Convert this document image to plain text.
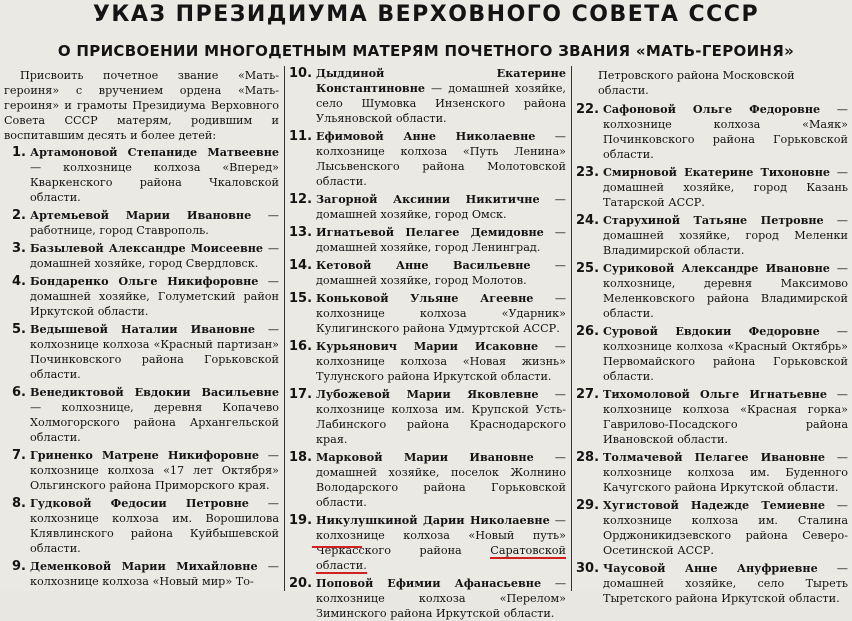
УКАЗ ПРЕЗИДИУМА ВЕРХОВНОГО СОВЕТА СССР
О ПРИСВОЕНИИ МНОГОДЕТНЫМ МАТЕРЯМ ПОЧЕТНОГО ЗВАНИЯ «МАТЬ-ГЕРОИНЯ»

Присвоить почетное звание «Мать-героиня» с вручением ордена «Мать-героиня» и грамоты Президиума Верховного Совета СССР матерям, родившим и воспитавшим десять и более детей:

1. Артамоновой Степаниде Матвеевне — колхознице колхоза «Вперед» Кваркенского района Чкаловской области.
2. Артемьевой Марии Ивановне — работнице, город Ставрополь.
3. Базылевой Александре Моисеевне — домашней хозяйке, город Свердловск.
4. Бондаренко Ольге Никифоровне — домашней хозяйке, Голуметский район Иркутской области.
5. Ведышевой Наталии Ивановне — колхознице колхоза «Красный партизан» Починковского района Горьковской области.
6. Венедиктовой Евдокии Васильевне — колхознице, деревня Копачево Холмогорского района Архангельской области.
7. Гриненко Матрене Никифоровне — колхознице колхоза «17 лет Октября» Ольгинского района Приморского края.
8. Гудковой Федосии Петровне — колхознице колхоза им. Ворошилова Клявлинского района Куйбышевской области.
9. Деменковой Марии Михайловне — колхознице колхоза «Новый мир» То-
10. Дыддиной Екатерине Константиновне — домашней хозяйке, село Шумовка Инзенского района Ульяновской области.
11. Ефимовой Анне Николаевне — колхознице колхоза «Путь Ленина» Лысьвенского района Молотовской области.
12. Загорной Аксинии Никитичне — домашней хозяйке, город Омск.
13. Игнатьевой Пелагее Демидовне — домашней хозяйке, город Ленинград.
14. Кетовой Анне Васильевне — домашней хозяйке, город Молотов.
15. Коньковой Ульяне Агеевне — колхознице колхоза «Ударник» Кулигинского района Удмуртской АССР.
16. Курьянович Марии Исаковне — колхознице колхоза «Новая жизнь» Тулунского района Иркутской области.
17. Лубожевой Марии Яковлевне — колхознице колхоза им. Крупской Усть-Лабинского района Краснодарского края.
18. Марковой Марии Ивановне — домашней хозяйке, поселок Жолнино Володарского района Горьковской области.
19. Никулушкиной Дарии Николаевне — колхознице колхоза «Новый путь» Черкасского района Саратовской области.
20. Поповой Ефимии Афанасьевне — колхознице колхоза «Перелом» Зиминского района Иркутской области.

Петровского района Московской области.

22. Сафоновой Ольге Федоровне — колхознице колхоза «Маяк» Починковского района Горьковской области.
23. Смирновой Екатерине Тихоновне — домашней хозяйке, город Казань Татарской АССР.
24. Старухиной Татьяне Петровне — домашней хозяйке, город Меленки Владимирской области.
25. Суриковой Александре Ивановне — колхознице, деревня Максимово Меленковского района Владимирской области.
26. Суровой Евдокии Федоровне — колхознице колхоза «Красный Октябрь» Первомайского района Горьковской области.
27. Тихомоловой Ольге Игнатьевне — колхознице колхоза «Красная горка» Гаврилово-Посадского района Ивановской области.
28. Толмачевой Пелагее Ивановне — колхознице колхоза им. Буденного Качугского района Иркутской области.
29. Хугистовой Надежде Темиевне — колхознице колхоза им. Сталина Орджоникидзевского района Северо-Осетинской АССР.
30. Чаусовой Анне Ануфриевне — домашней хозяйке, село Тыреть Тыретского района Иркутской области.
